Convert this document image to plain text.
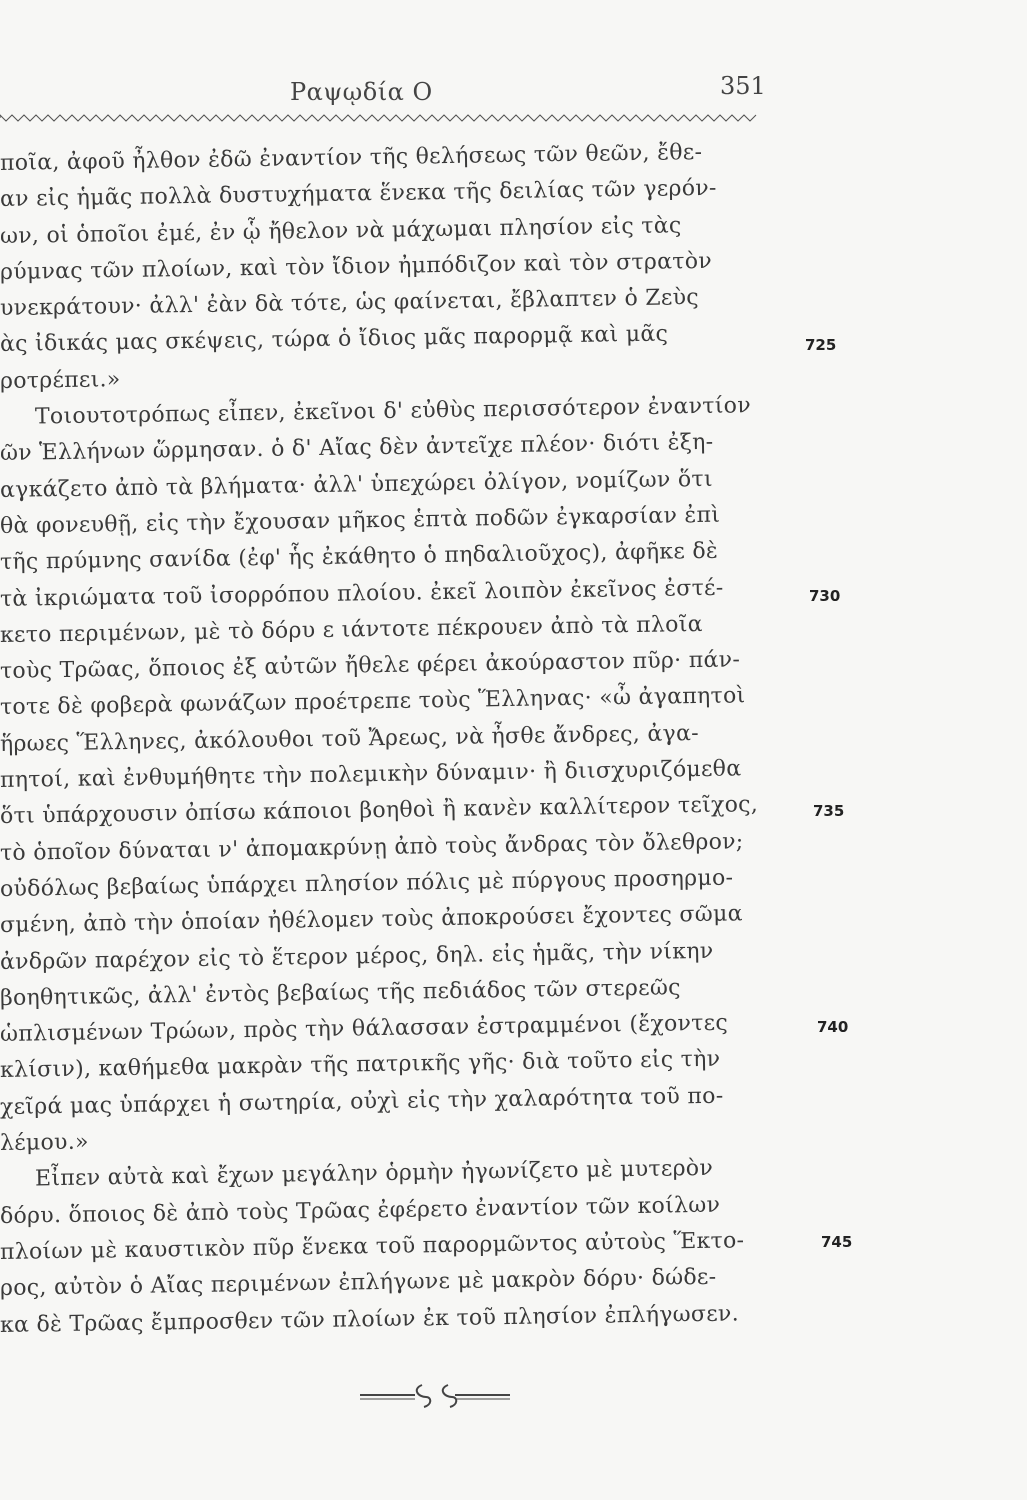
Ραψῳδία Ο	351
ποῖα, ἀφοῦ ἦλθον ἐδῶ ἐναντίον τῆς θελήσεως τῶν θεῶν, ἔθε-
αν εἰς ἡμᾶς πολλὰ δυστυχήματα ἕνεκα τῆς δειλίας τῶν γερόν-
ων, οἱ ὁποῖοι ἐμέ, ἐν ᾧ ἤθελον νὰ μάχωμαι πλησίον εἰς τὰς
ρύμνας τῶν πλοίων, καὶ τὸν ἴδιον ἠμπόδιζον καὶ τὸν στρατὸν
υνεκράτουν· ἀλλ' ἐὰν δὰ τότε, ὡς φαίνεται, ἔβλαπτεν ὁ Ζεὺς
ὰς ἰδικάς μας σκέψεις, τώρα ὁ ἴδιος μᾶς παρορμᾷ καὶ μᾶς
ροτρέπει.»
Τοιουτοτρόπως εἶπεν, ἐκεῖνοι δ' εὐθὺς περισσότερον ἐναντίον
ῶν Ἑλλήνων ὥρμησαν. ὁ δ' Αἴας δὲν ἀντεῖχε πλέον· διότι ἐξη-
αγκάζετο ἀπὸ τὰ βλήματα· ἀλλ' ὑπεχώρει ὀλίγον, νομίζων ὅτι
θὰ φονευθῇ, εἰς τὴν ἔχουσαν μῆκος ἑπτὰ ποδῶν ἐγκαρσίαν ἐπὶ
τῆς πρύμνης σανίδα (ἐφ' ἧς ἐκάθητο ὁ πηδαλιοῦχος), ἀφῆκε δὲ
τὰ ἰκριώματα τοῦ ἰσορρόπου πλοίου. ἐκεῖ λοιπὸν ἐκεῖνος ἐστέ-
κετο περιμένων, μὲ τὸ δόρυ ε ιάντοτε πέκρουεν ἀπὸ τὰ πλοῖα
τοὺς Τρῶας, ὅποιος ἐξ αὐτῶν ἤθελε φέρει ἀκούραστον πῦρ· πάν-
τοτε δὲ φοβερὰ φωνάζων προέτρεπε τοὺς Ἕλληνας· «ὦ ἀγαπητοὶ
ἥρωες Ἕλληνες, ἀκόλουθοι τοῦ Ἄρεως, νὰ ἦσθε ἄνδρες, ἀγα-
πητοί, καὶ ἐνθυμήθητε τὴν πολεμικὴν δύναμιν· ἢ διισχυριζόμεθα
ὅτι ὑπάρχουσιν ὀπίσω κάποιοι βοηθοὶ ἢ κανὲν καλλίτερον τεῖχος,
τὸ ὁποῖον δύναται ν' ἀπομακρύνῃ ἀπὸ τοὺς ἄνδρας τὸν ὄλεθρον;
οὐδόλως βεβαίως ὑπάρχει πλησίον πόλις μὲ πύργους προσηρμο-
σμένη, ἀπὸ τὴν ὁποίαν ἠθέλομεν τοὺς ἀποκρούσει ἔχοντες σῶμα
ἀνδρῶν παρέχον εἰς τὸ ἕτερον μέρος, δηλ. εἰς ἡμᾶς, τὴν νίκην
βοηθητικῶς, ἀλλ' ἐντὸς βεβαίως τῆς πεδιάδος τῶν στερεῶς
ὡπλισμένων Τρώων, πρὸς τὴν θάλασσαν ἐστραμμένοι (ἔχοντες
κλίσιν), καθήμεθα μακρὰν τῆς πατρικῆς γῆς· διὰ τοῦτο εἰς τὴν
χεῖρά μας ὑπάρχει ἡ σωτηρία, οὐχὶ εἰς τὴν χαλαρότητα τοῦ πο-
λέμου.»
Εἶπεν αὐτὰ καὶ ἔχων μεγάλην ὁρμὴν ἠγωνίζετο μὲ μυτερὸν
δόρυ. ὅποιος δὲ ἀπὸ τοὺς Τρῶας ἐφέρετο ἐναντίον τῶν κοίλων
πλοίων μὲ καυστικὸν πῦρ ἕνεκα τοῦ παρορμῶντος αὐτοὺς Ἕκτο-
ρος, αὐτὸν ὁ Αἴας περιμένων ἐπλήγωνε μὲ μακρὸν δόρυ· δώδε-
κα δὲ Τρῶας ἔμπροσθεν τῶν πλοίων ἐκ τοῦ πλησίον ἐπλήγωσεν.
725
730
735
740
745
